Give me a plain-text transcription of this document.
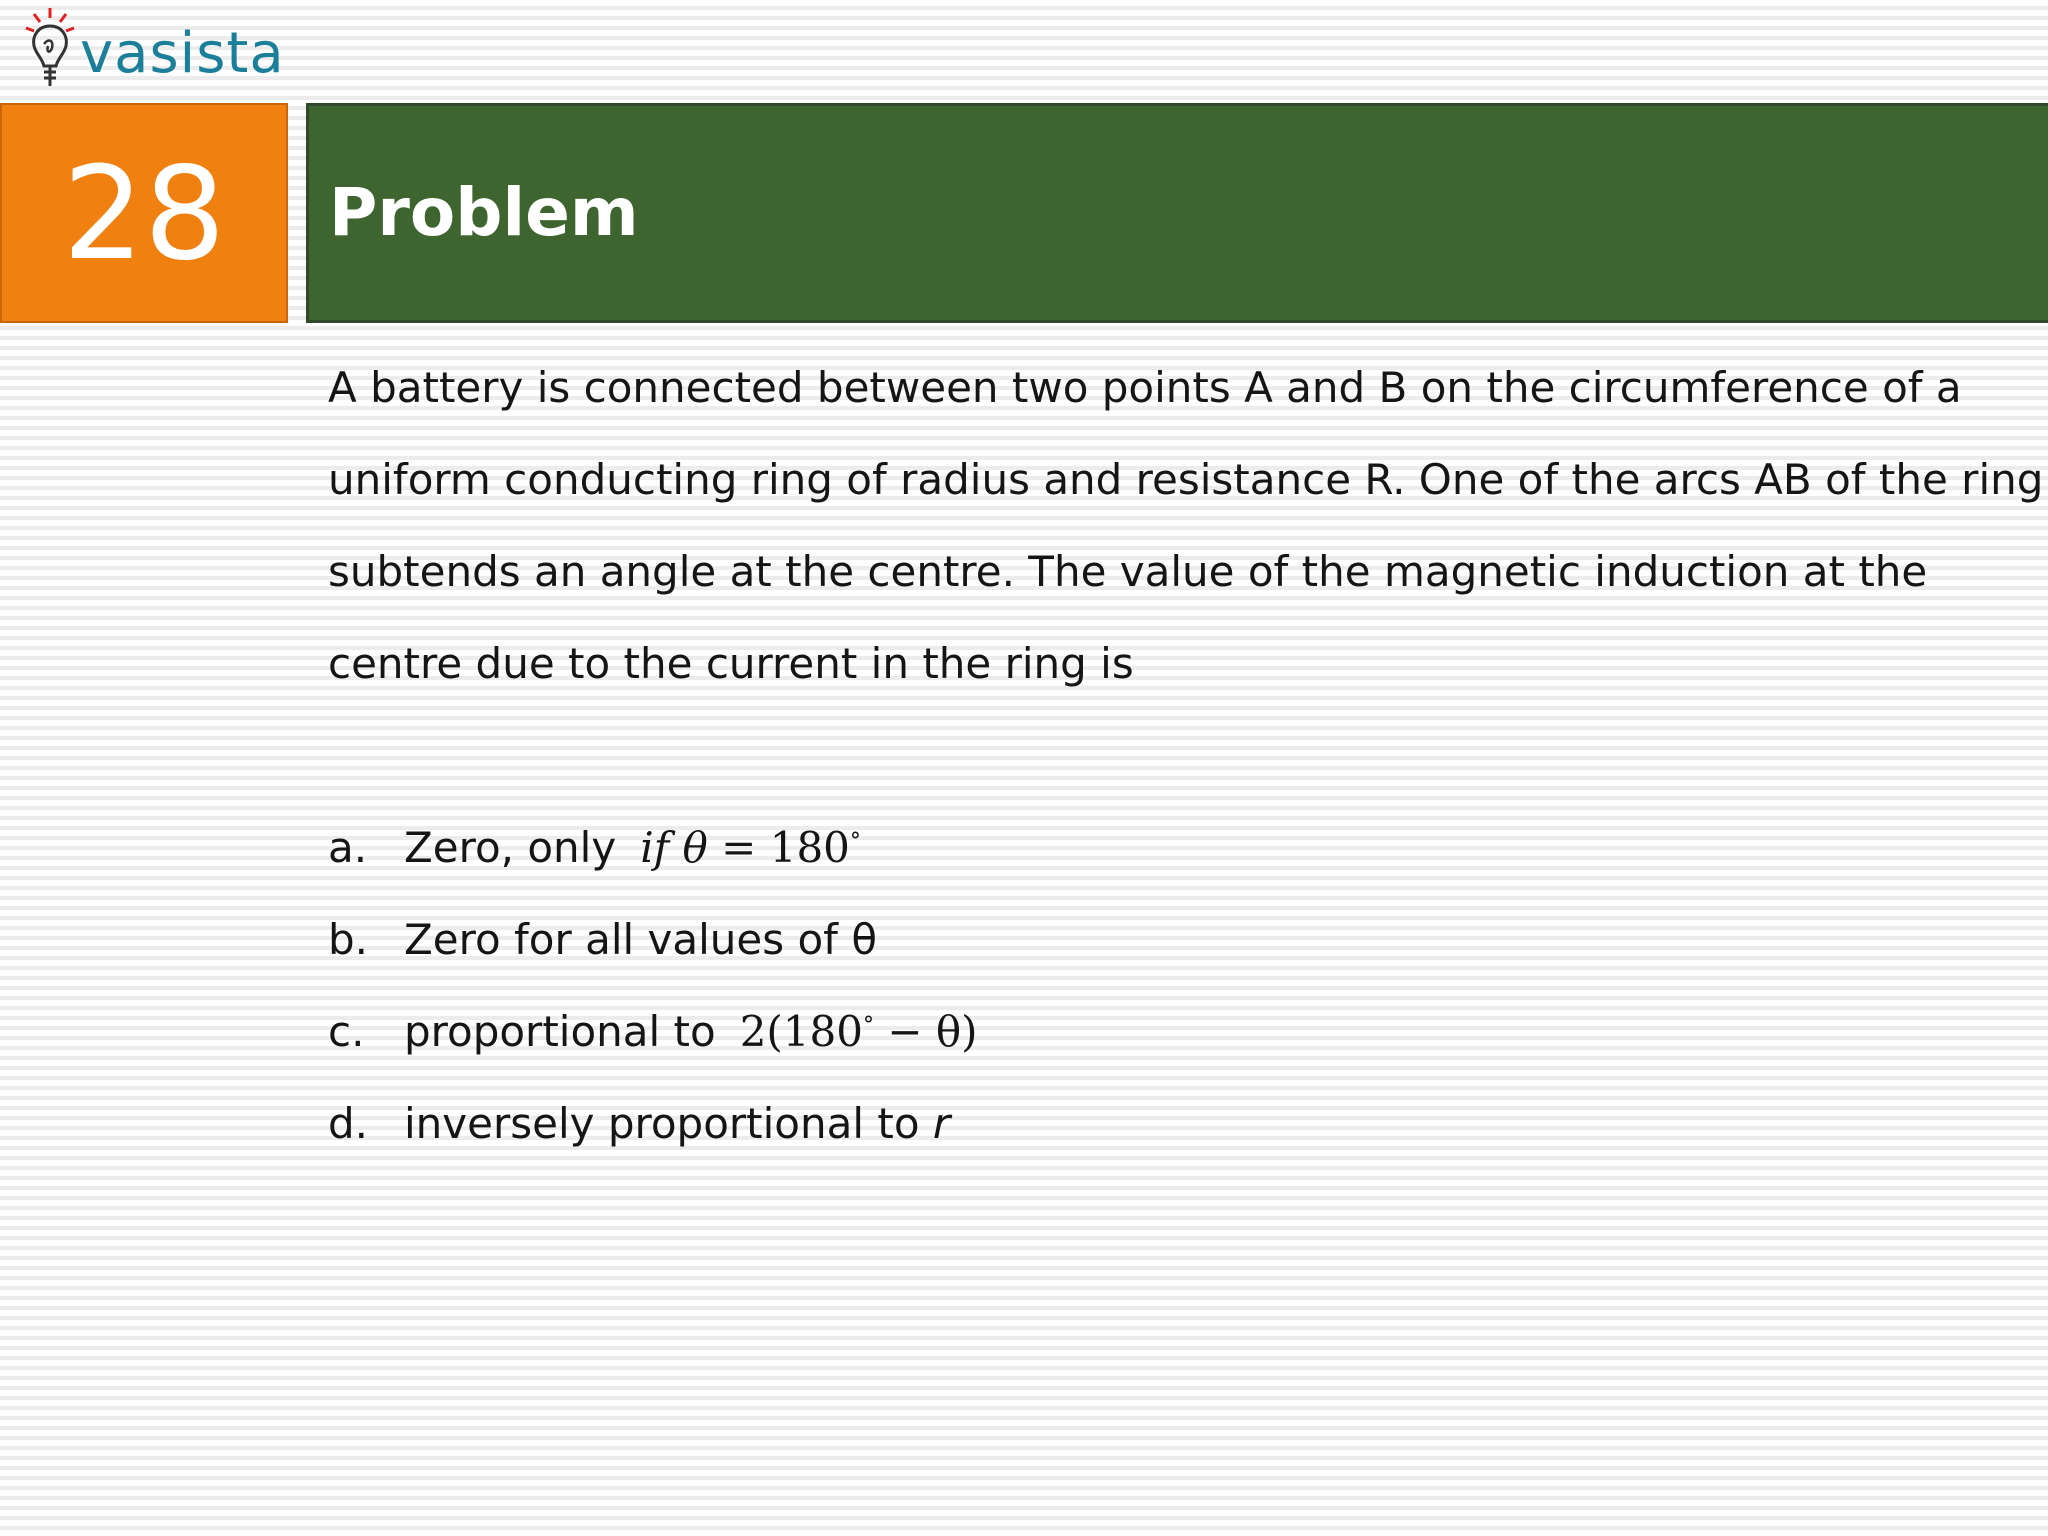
vasista
28	Problem
A battery is connected between two points A and B on the circumference of a
uniform conducting ring of radius and resistance R. One of the arcs AB of the ring
subtends an angle at the centre. The value of the magnetic induction at the
centre due to the current in the ring is
a. Zero, only if θ = 180°
b. Zero for all values of θ
c. proportional to 2(180° − θ)
d. inversely proportional to r
